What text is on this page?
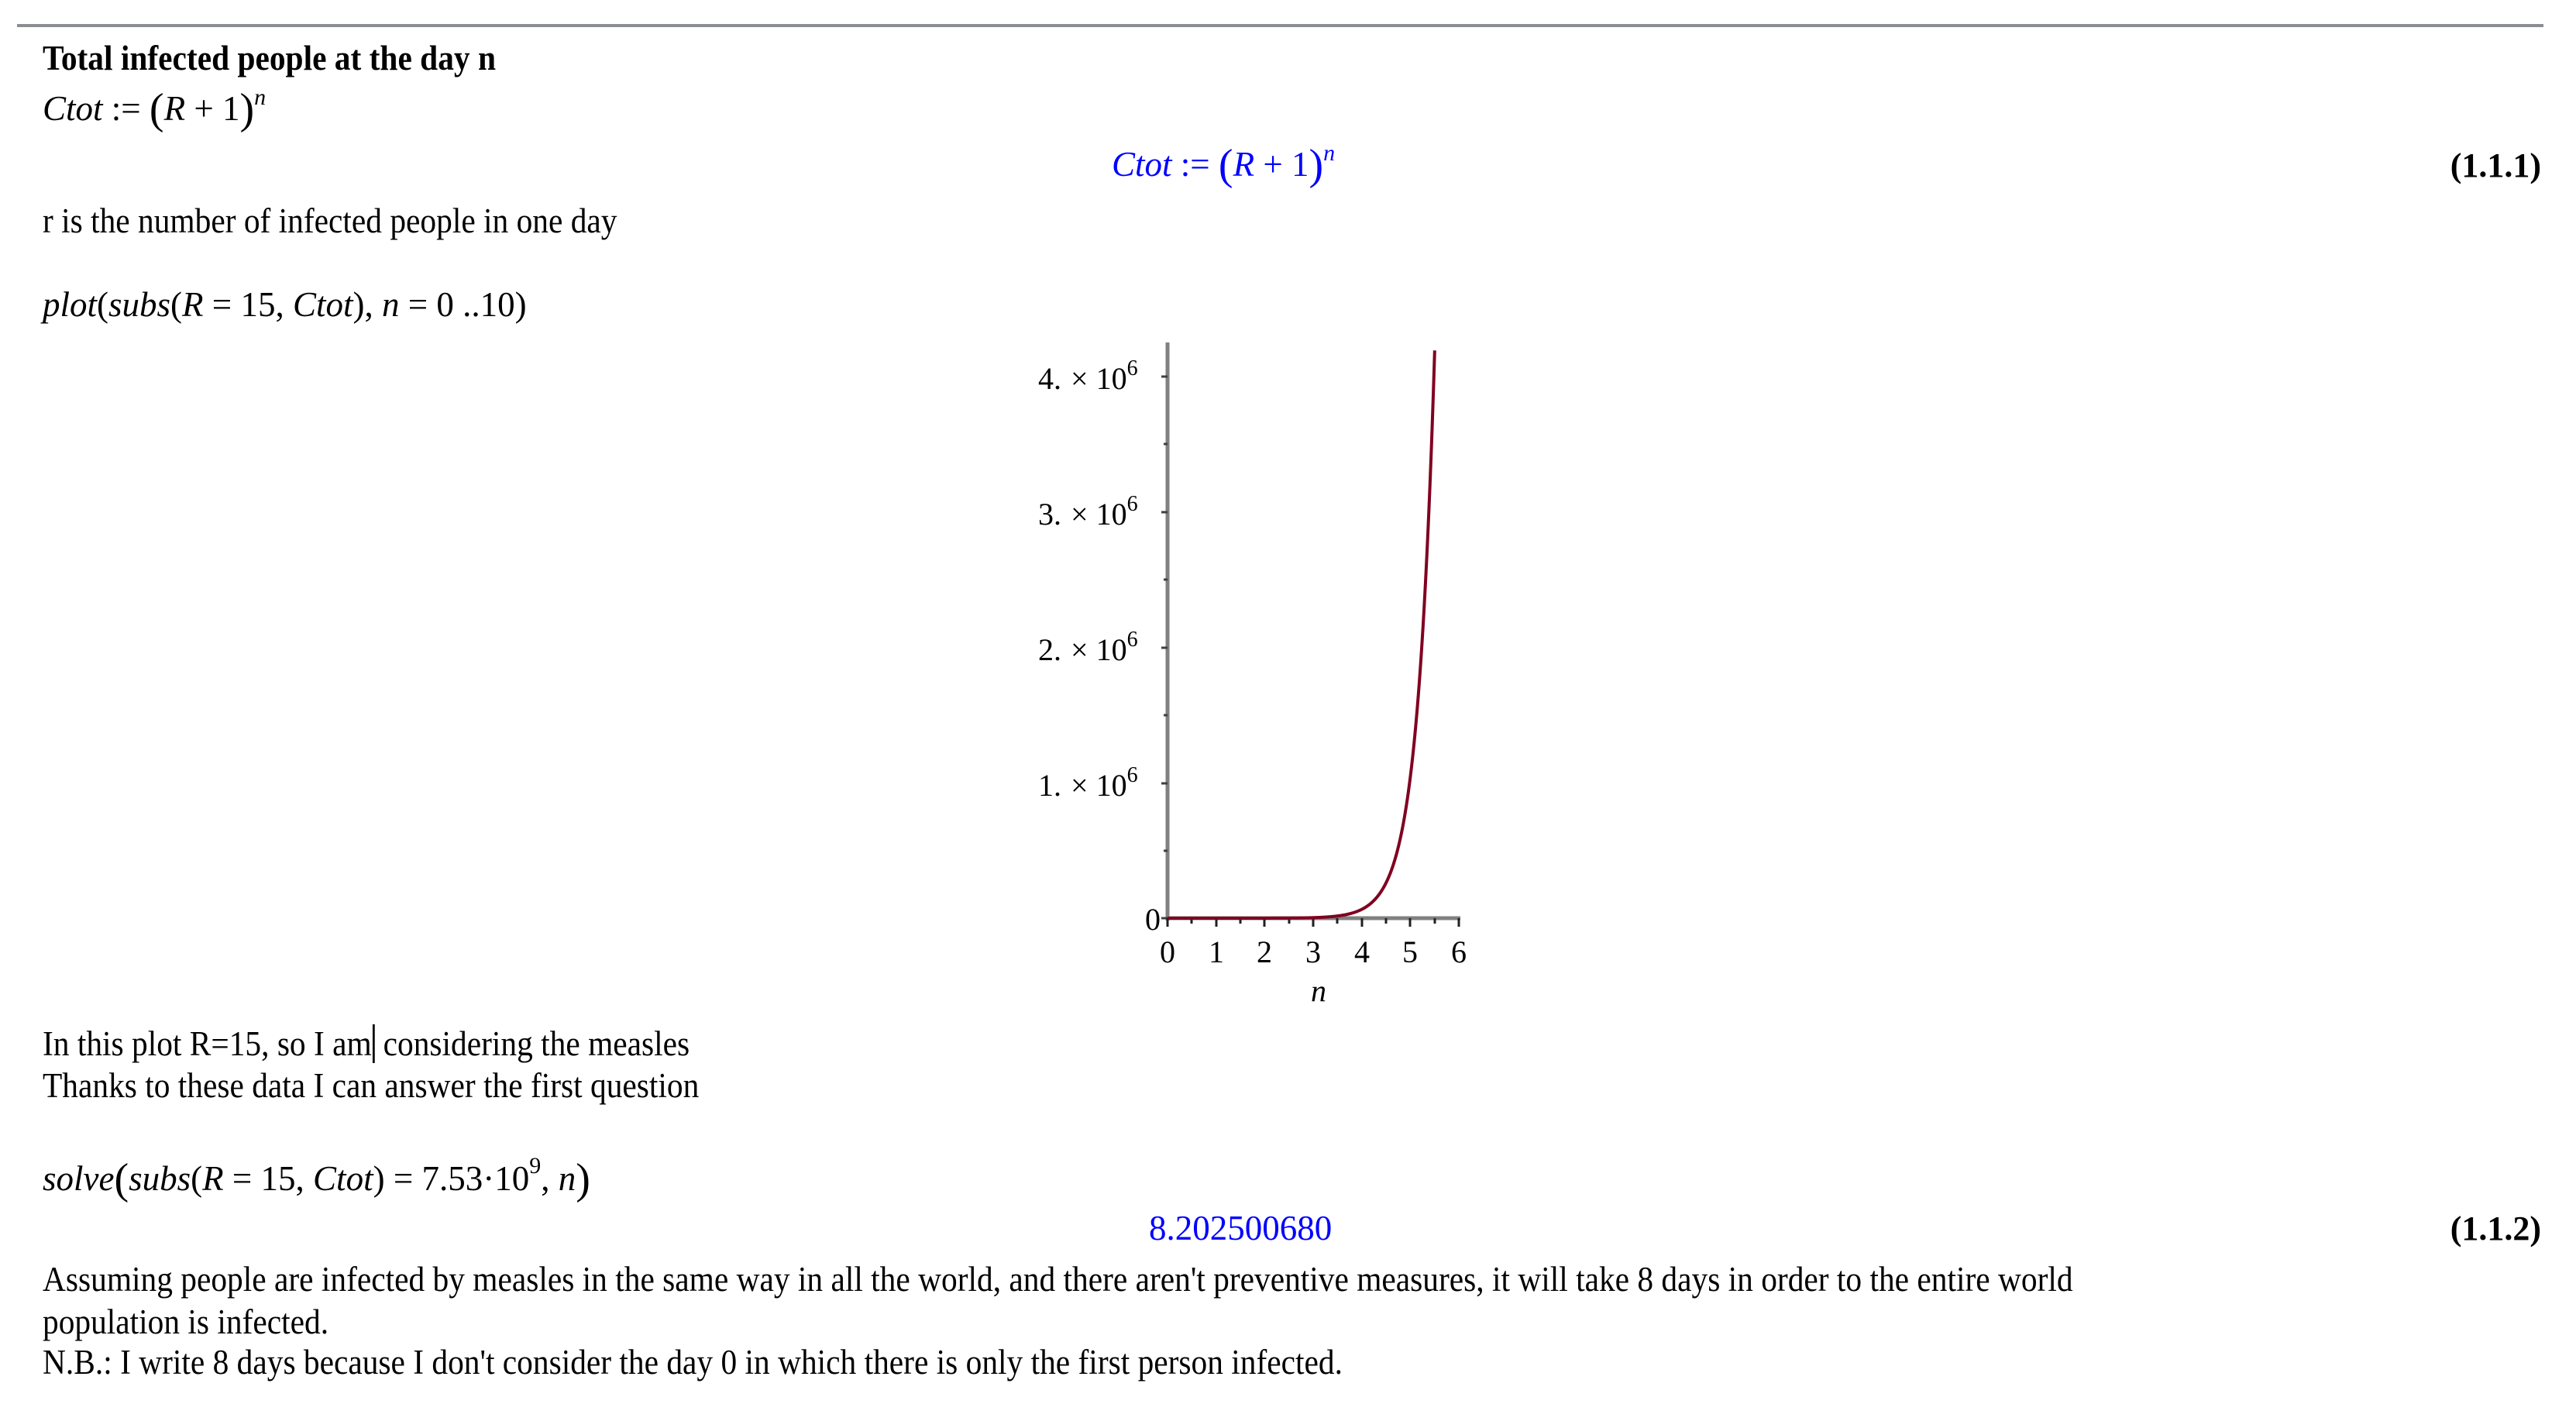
Total infected people at the day n
Ctot := $(R + 1)^n$
Ctot := $(R + 1)^n$	(1.1.1)
r is the number of infected people in one day
plot(subs(R = 15, Ctot), n = 0 ..10)
0
1. × $10^6$
2. × $10^6$
3. × $10^6$
4. × $10^6$
0 1 2 3 4 5 6
n
In this plot R=15, so I am considering the measles
Thanks to these data I can answer the first question
solve(subs(R = 15, Ctot) = $7.53\cdot 10^9$, n)
8.202500680	(1.1.2)
Assuming people are infected by measles in the same way in all the world, and there aren't preventive measures, it will take 8 days in order to the entire world
population is infected.
N.B.: I write 8 days because I don't consider the day 0 in which there is only the first person infected.
